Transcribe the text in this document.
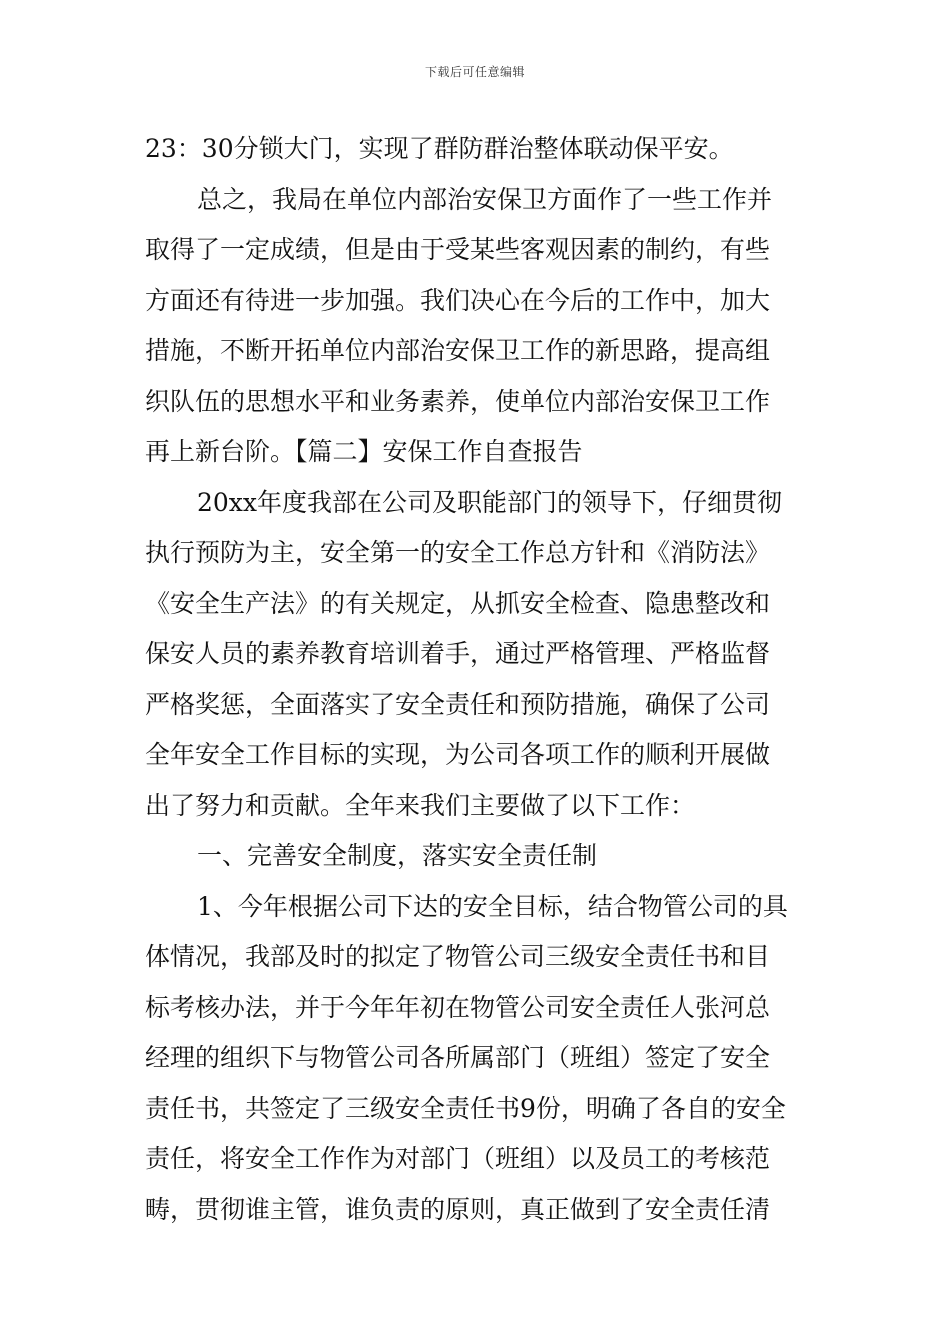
下载后可任意编辑
23：30分锁大门，实现了群防群治整体联动保平安。
总之，我局在单位内部治安保卫方面作了一些工作并
取得了一定成绩，但是由于受某些客观因素的制约，有些
方面还有待进一步加强。我们决心在今后的工作中，加大
措施，不断开拓单位内部治安保卫工作的新思路，提高组
织队伍的思想水平和业务素养，使单位内部治安保卫工作
再上新台阶。【篇二】安保工作自查报告
20xx年度我部在公司及职能部门的领导下，仔细贯彻
执行预防为主，安全第一的安全工作总方针和《消防法》
《安全生产法》的有关规定，从抓安全检查、隐患整改和
保安人员的素养教育培训着手，通过严格管理、严格监督
严格奖惩，全面落实了安全责任和预防措施，确保了公司
全年安全工作目标的实现，为公司各项工作的顺利开展做
出了努力和贡献。全年来我们主要做了以下工作：
一、完善安全制度，落实安全责任制
1、今年根据公司下达的安全目标，结合物管公司的具
体情况，我部及时的拟定了物管公司三级安全责任书和目
标考核办法，并于今年年初在物管公司安全责任人张河总
经理的组织下与物管公司各所属部门（班组）签定了安全
责任书，共签定了三级安全责任书9份，明确了各自的安全
责任，将安全工作作为对部门（班组）以及员工的考核范
畴，贯彻谁主管，谁负责的原则，真正做到了安全责任清
